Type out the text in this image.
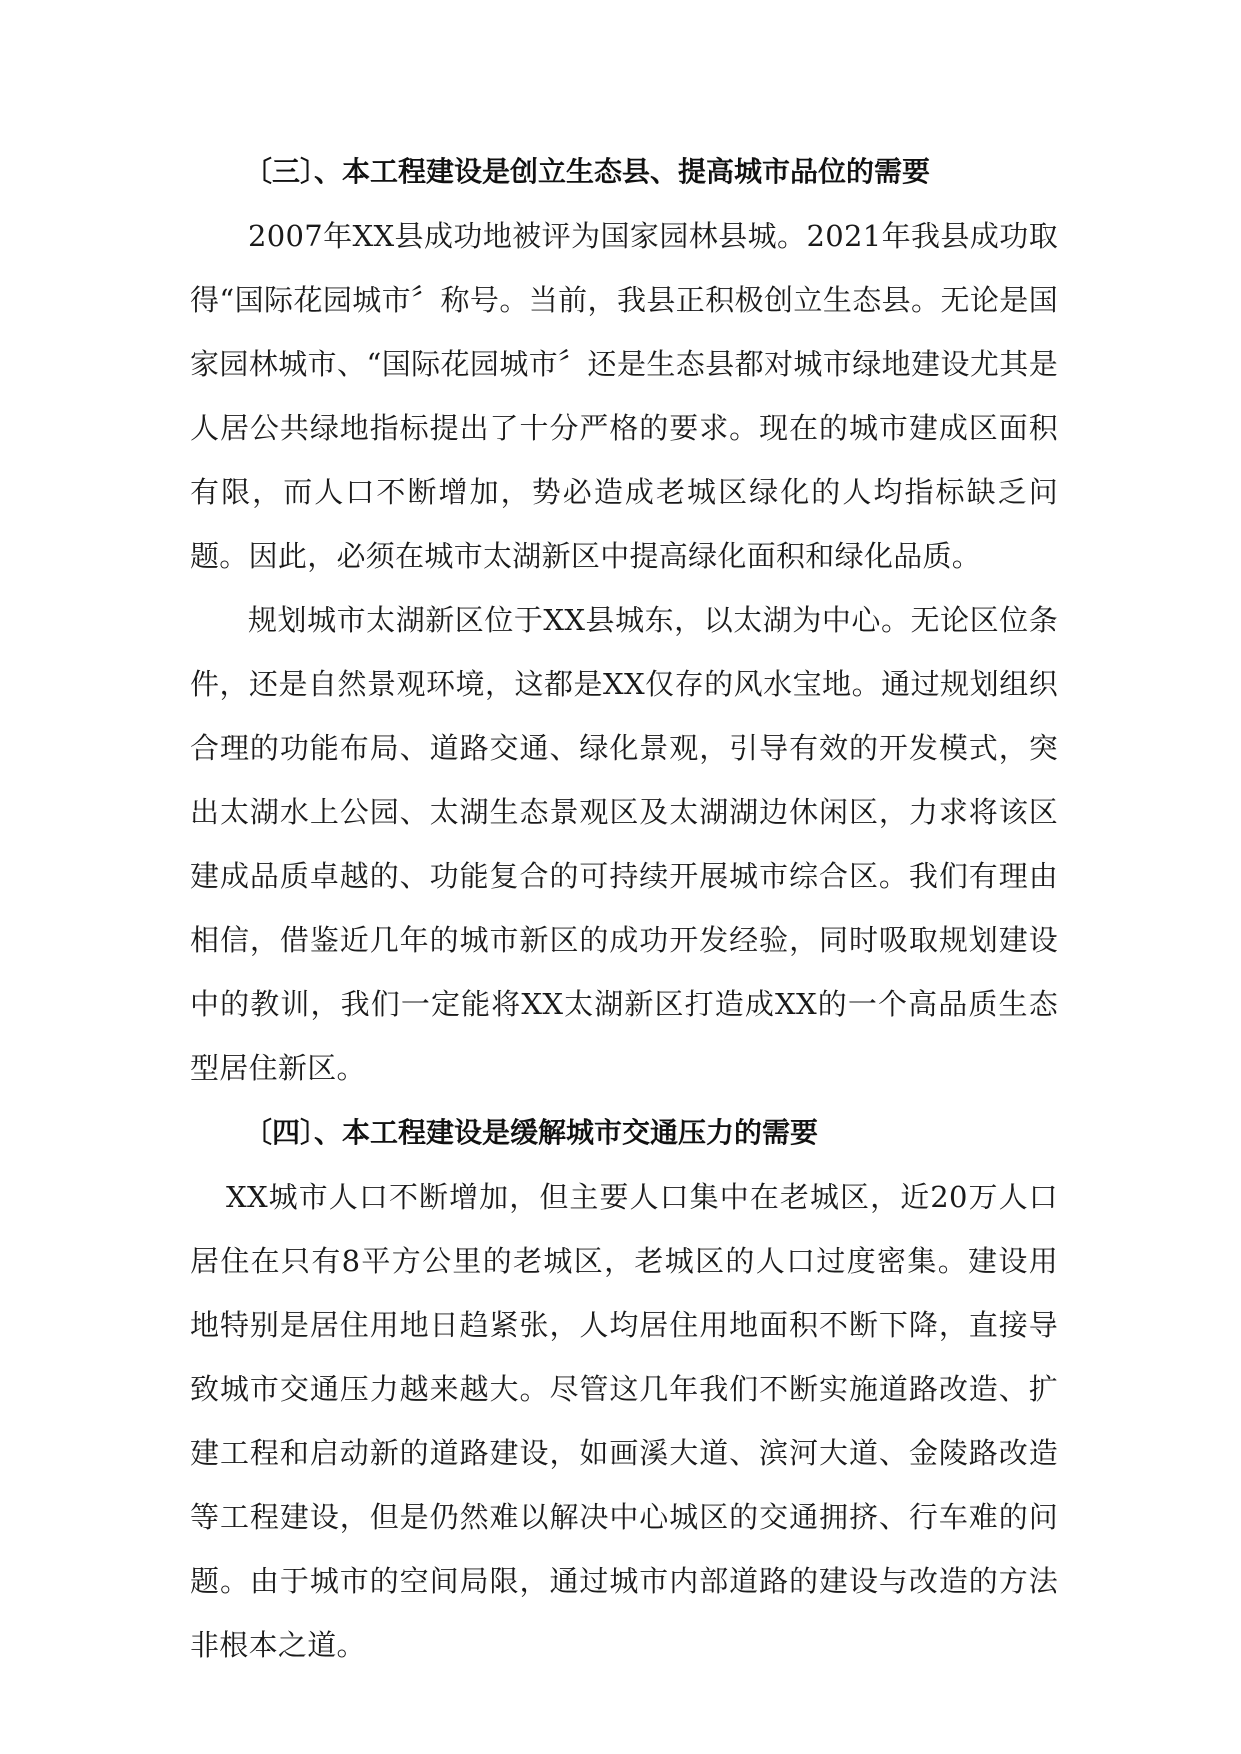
〔三〕、本工程建设是创立生态县、提高城市品位的需要
2007年XX县成功地被评为国家园林县城。2021年我县成功取得“国际花园城市〞称号。当前，我县正积极创立生态县。无论是国家园林城市、“国际花园城市〞还是生态县都对城市绿地建设尤其是人居公共绿地指标提出了十分严格的要求。现在的城市建成区面积有限，而人口不断增加，势必造成老城区绿化的人均指标缺乏问题。因此，必须在城市太湖新区中提高绿化面积和绿化品质。
规划城市太湖新区位于XX县城东，以太湖为中心。无论区位条件，还是自然景观环境，这都是XX仅存的风水宝地。通过规划组织合理的功能布局、道路交通、绿化景观，引导有效的开发模式，突出太湖水上公园、太湖生态景观区及太湖湖边休闲区，力求将该区建成品质卓越的、功能复合的可持续开展城市综合区。我们有理由相信，借鉴近几年的城市新区的成功开发经验，同时吸取规划建设中的教训，我们一定能将XX太湖新区打造成XX的一个高品质生态型居住新区。
〔四〕、本工程建设是缓解城市交通压力的需要
XX城市人口不断增加，但主要人口集中在老城区，近20万人口居住在只有8平方公里的老城区，老城区的人口过度密集。建设用地特别是居住用地日趋紧张，人均居住用地面积不断下降，直接导致城市交通压力越来越大。尽管这几年我们不断实施道路改造、扩建工程和启动新的道路建设，如画溪大道、滨河大道、金陵路改造等工程建设，但是仍然难以解决中心城区的交通拥挤、行车难的问题。由于城市的空间局限，通过城市内部道路的建设与改造的方法非根本之道。
